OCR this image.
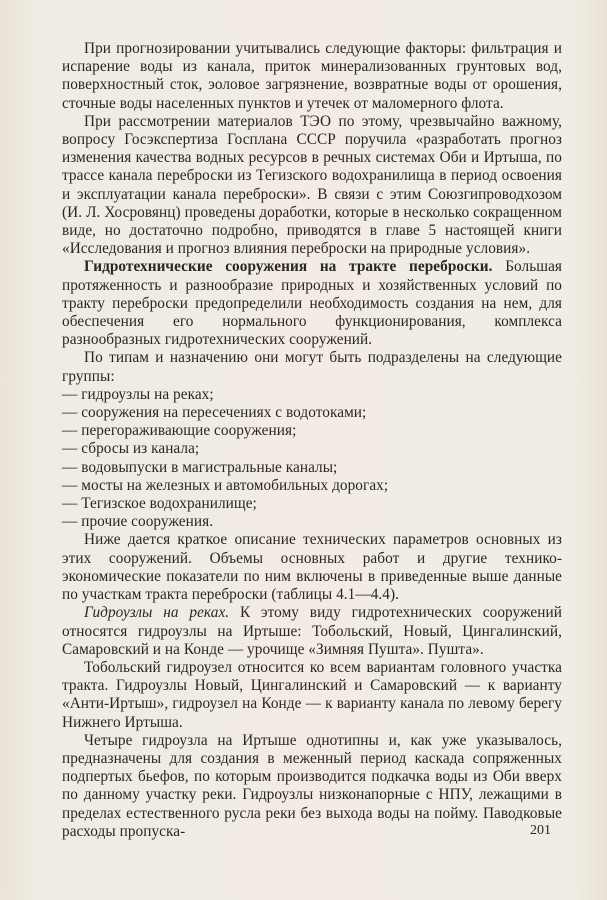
При прогнозировании учитывались следующие факторы: фильтрация и испарение воды из канала, приток минерализованных грунтовых вод, поверхностный сток, эоловое загрязнение, возвратные воды от орошения, сточные воды населенных пунктов и утечек от маломерного флота.

При рассмотрении материалов ТЭО по этому, чрезвычайно важному, вопросу Госэкспертиза Госплана СССР поручила «разработать прогноз изменения качества водных ресурсов в речных системах Оби и Иртыша, по трассе канала переброски из Тегизского водохранилища в период освоения и эксплуатации канала переброски». В связи с этим Союзгипроводхозом (И. Л. Хосровянц) проведены доработки, которые в несколько сокращенном виде, но достаточно подробно, приводятся в главе 5 настоящей книги «Исследования и прогноз влияния переброски на природные условия».

Гидротехнические сооружения на тракте переброски. Большая протяженность и разнообразие природных и хозяйственных условий по тракту переброски предопределили необходимость создания на нем, для обеспечения его нормального функционирования, комплекса разнообразных гидротехнических сооружений.

По типам и назначению они могут быть подразделены на следующие группы:

— гидроузлы на реках;
— сооружения на пересечениях с водотоками;
— перегораживающие сооружения;
— сбросы из канала;
— водовыпуски в магистральные каналы;
— мосты на железных и автомобильных дорогах;
— Тегизское водохранилище;
— прочие сооружения.

Ниже дается краткое описание технических параметров основных из этих сооружений. Объемы основных работ и другие технико-экономические показатели по ним включены в приведенные выше данные по участкам тракта переброски (таблицы 4.1—4.4).

Гидроузлы на реках. К этому виду гидротехнических сооружений относятся гидроузлы на Иртыше: Тобольский, Новый, Цингалинский, Самаровский и на Конде — урочище «Зимняя Пушта». Пушта».

Тобольский гидроузел относится ко всем вариантам головного участка тракта. Гидроузлы Новый, Цингалинский и Самаровский — к варианту «Анти-Иртыш», гидроузел на Конде — к варианту канала по левому берегу Нижнего Иртыша.

Четыре гидроузла на Иртыше однотипны и, как уже указывалось, предназначены для создания в меженный период каскада сопряженных подпертых бьефов, по которым производится подкачка воды из Оби вверх по данному участку реки. Гидроузлы низконапорные с НПУ, лежащими в пределах естественного русла реки без выхода воды на пойму. Паводковые расходы пропуска-	201
